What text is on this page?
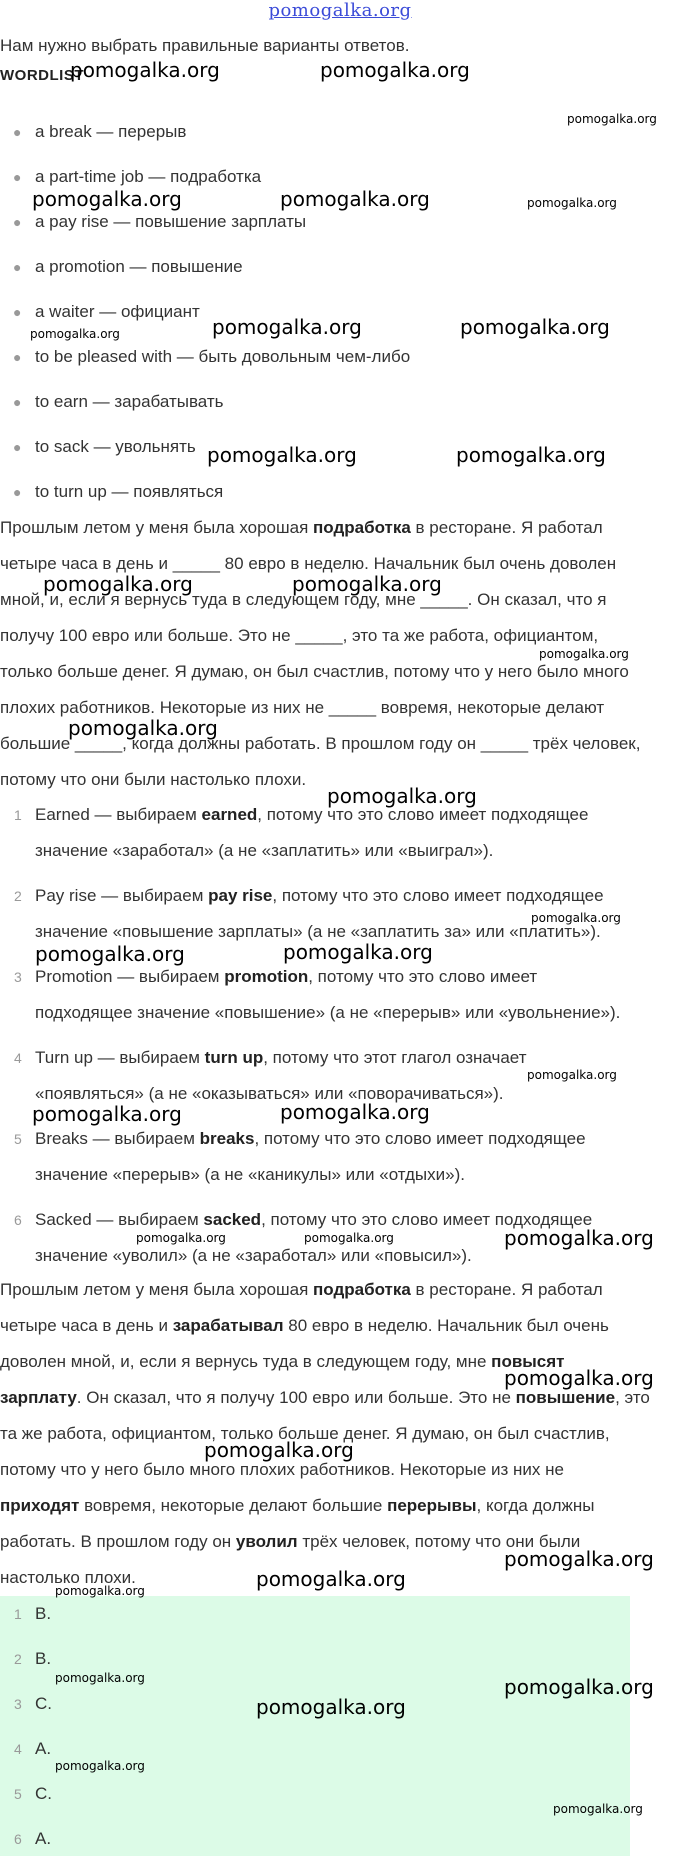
pomogalka.org
Нам нужно выбрать правильные варианты ответов.
WORDLIST
● a break — перерыв
● a part-time job — подработка
● a pay rise — повышение зарплаты
● a promotion — повышение
● a waiter — официант
● to be pleased with — быть довольным чем-либо
● to earn — зарабатывать
● to sack — увольнять
● to turn up — появляться

Прошлым летом у меня была хорошая подработка в ресторане. Я работал

четыре часа в день и _____ 80 евро в неделю. Начальник был очень доволен

мной, и, если я вернусь туда в следующем году, мне _____. Он сказал, что я

получу 100 евро или больше. Это не _____, это та же работа, официантом,

только больше денег. Я думаю, он был счастлив, потому что у него было много

плохих работников. Некоторые из них не _____ вовремя, некоторые делают

большие _____, когда должны работать. В прошлом году он _____ трёх человек,

потому что они были настолько плохи.

1 Earned — выбираем earned, потому что это слово имеет подходящее
значение «заработал» (а не «заплатить» или «выиграл»).
2 Pay rise — выбираем pay rise, потому что это слово имеет подходящее
значение «повышение зарплаты» (а не «заплатить за» или «платить»).
3 Promotion — выбираем promotion, потому что это слово имеет
подходящее значение «повышение» (а не «перерыв» или «увольнение»).
4 Turn up — выбираем turn up, потому что этот глагол означает
«появляться» (а не «оказываться» или «поворачиваться»).
5 Breaks — выбираем breaks, потому что это слово имеет подходящее
значение «перерыв» (а не «каникулы» или «отдыхи»).
6 Sacked — выбираем sacked, потому что это слово имеет подходящее
значение «уволил» (а не «заработал» или «повысил»).

Прошлым летом у меня была хорошая подработка в ресторане. Я работал

четыре часа в день и зарабатывал 80 евро в неделю. Начальник был очень

доволен мной, и, если я вернусь туда в следующем году, мне повысят

зарплату. Он сказал, что я получу 100 евро или больше. Это не повышение, это

та же работа, официантом, только больше денег. Я думаю, он был счастлив,

потому что у него было много плохих работников. Некоторые из них не

приходят вовремя, некоторые делают большие перерывы, когда должны

работать. В прошлом году он уволил трёх человек, потому что они были

настолько плохи.

1 B.
2 B.
3 C.
4 A.
5 C.
6 A.
pomogalka.org	pomogalka.org
pomogalka.org
pomogalka.org	pomogalka.org	pomogalka.org
pomogalka.org	pomogalka.org
pomogalka.org
pomogalka.org	pomogalka.org
pomogalka.org	pomogalka.org
pomogalka.org
pomogalka.org
pomogalka.org
pomogalka.org
pomogalka.org	pomogalka.org
pomogalka.org
pomogalka.org	pomogalka.org
pomogalka.org	pomogalka.org	pomogalka.org
pomogalka.org
pomogalka.org
pomogalka.org
pomogalka.org
pomogalka.org
pomogalka.org	pomogalka.org
pomogalka.org
pomogalka.org
pomogalka.org
